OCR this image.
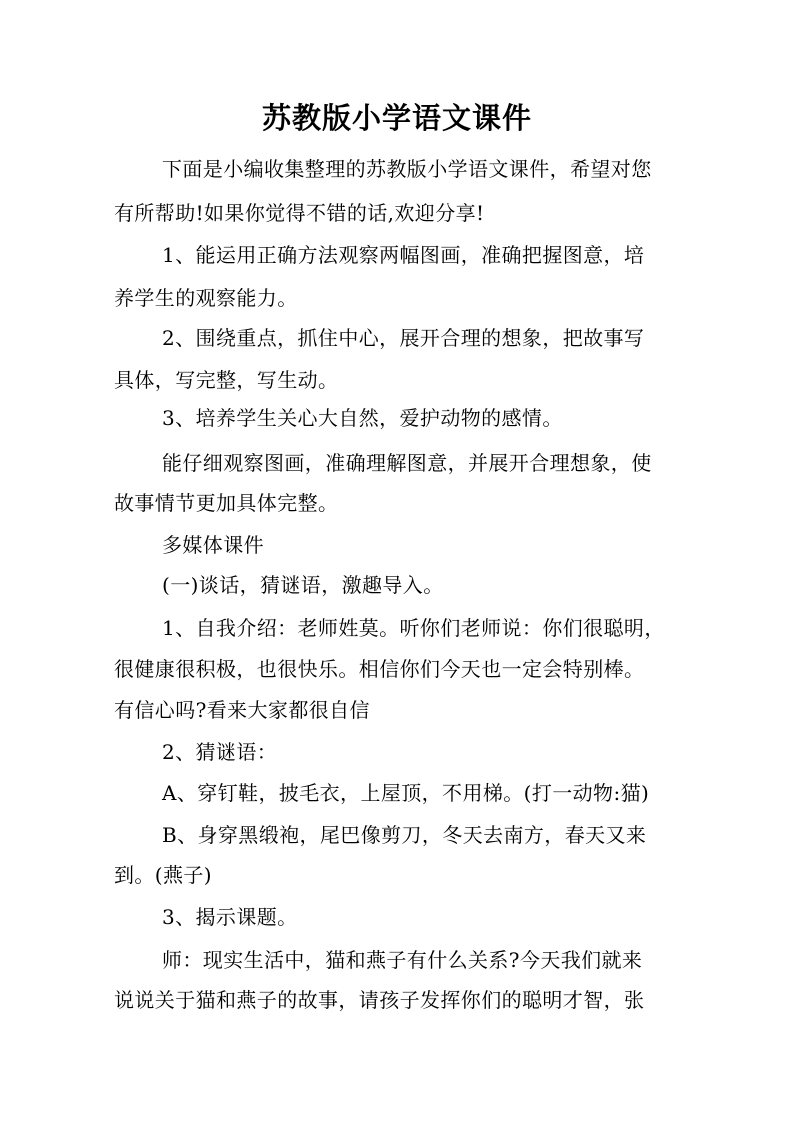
苏教版小学语文课件
下面是小编收集整理的苏教版小学语文课件，希望对您
有所帮助!如果你觉得不错的话,欢迎分享!
1、能运用正确方法观察两幅图画，准确把握图意，培
养学生的观察能力。
2、围绕重点，抓住中心，展开合理的想象，把故事写
具体，写完整，写生动。
3、培养学生关心大自然，爱护动物的感情。
能仔细观察图画，准确理解图意，并展开合理想象，使
故事情节更加具体完整。
多媒体课件
(一)谈话，猜谜语，激趣导入。
1、自我介绍：老师姓莫。听你们老师说：你们很聪明，
很健康很积极，也很快乐。相信你们今天也一定会特别棒。
有信心吗?看来大家都很自信
2、猜谜语：
A、穿钉鞋，披毛衣，上屋顶，不用梯。(打一动物:猫)
B、身穿黑缎袍，尾巴像剪刀，冬天去南方，春天又来
到。(燕子)
3、揭示课题。
师：现实生活中，猫和燕子有什么关系?今天我们就来
说说关于猫和燕子的故事，请孩子发挥你们的聪明才智，张
